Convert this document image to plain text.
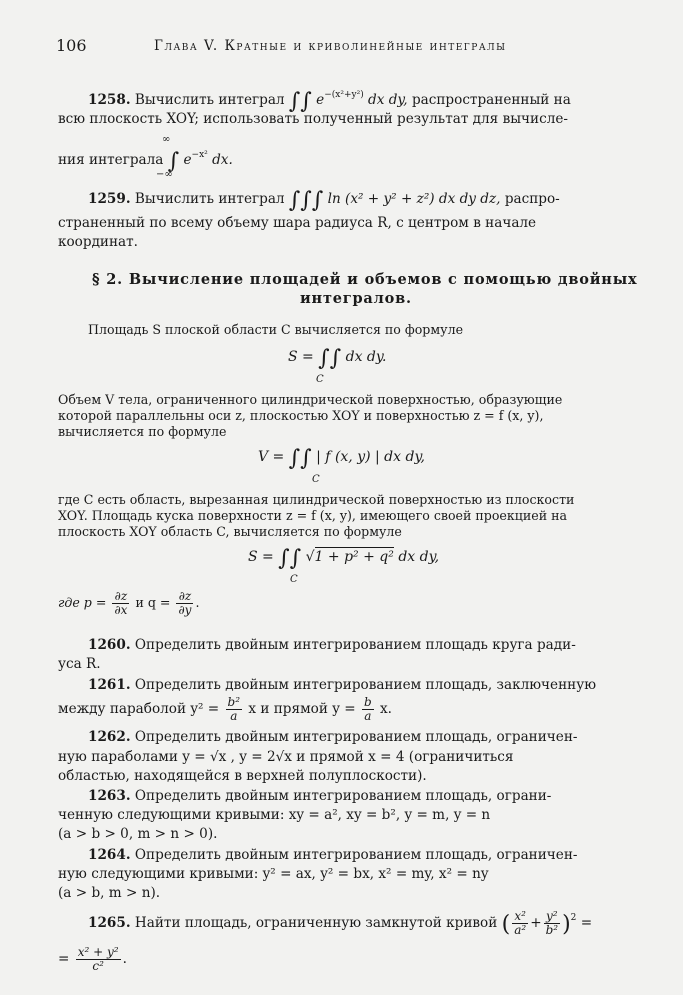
106	Глава V. Кратные и криволинейные интегралы
1258. Вычислить интеграл ∫∫ $e^{-(x^2+y^2)}$ dx dy, распространенный на
всю плоскость XOY; использовать полученный результат для вычисле-
∞
ния интеграла ∫ $e^{-x^2}$ dx.
−∞
1259. Вычислить интеграл ∫∫∫ ln (x² + y² + z²) dx dy dz, распро-
страненный по всему объему шара радиуса R, с центром в начале
координат.
§ 2. Вычисление площадей и объемов с помощью двойных
интегралов.
Площадь S плоской области C вычисляется по формуле
S = ∫∫ dx dy.
C
Объем V тела, ограниченного цилиндрической поверхностью, образующие
которой параллельны оси z, плоскостью XOY и поверхностью z = f (x, y),
вычисляется по формуле
V = ∫∫ | f (x, y) | dx dy,
C
где C есть область, вырезанная цилиндрической поверхностью из плоскости
XOY. Площадь куска поверхности z = f (x, y), имеющего своей проекцией на
плоскость XOY область C, вычисляется по формуле
S = ∫∫ √1 + p² + q² dx dy,
C
где $p = \frac{\partial z}{\partial x}$ и $q = \frac{\partial z}{\partial y}$ .
1260. Определить двойным интегрированием площадь круга ради-
уса R.
1261. Определить двойным интегрированием площадь, заключенную
между параболой $y^2 = \frac{\text{b²}}{a}$ x и прямой $y = \frac{b}{a} x$.
1262. Определить двойным интегрированием площадь, ограничен-
ную параболами y = √x , y = 2√x и прямой x = 4 (ограничиться
областью, находящейся в верхней полуплоскости).
1263. Определить двойным интегрированием площадь, ограни-
ченную следующими кривыми: xy = a², xy = b², y = m, y = n
(a > b > 0, m > n > 0).
1264. Определить двойным интегрированием площадь, ограничен-
ную следующими кривыми: y² = ax, y² = bx, x² = my, x² = ny
(a > b, m > n).
1265. Найти площадь, ограниченную замкнутой кривой ( $\frac{\text{x²}}{\text{a²}} + \frac{\text{y²}}{\text{b²}} )^2$ =
= $\frac{\text{x² + y²}}{\text{c²}}$ .
